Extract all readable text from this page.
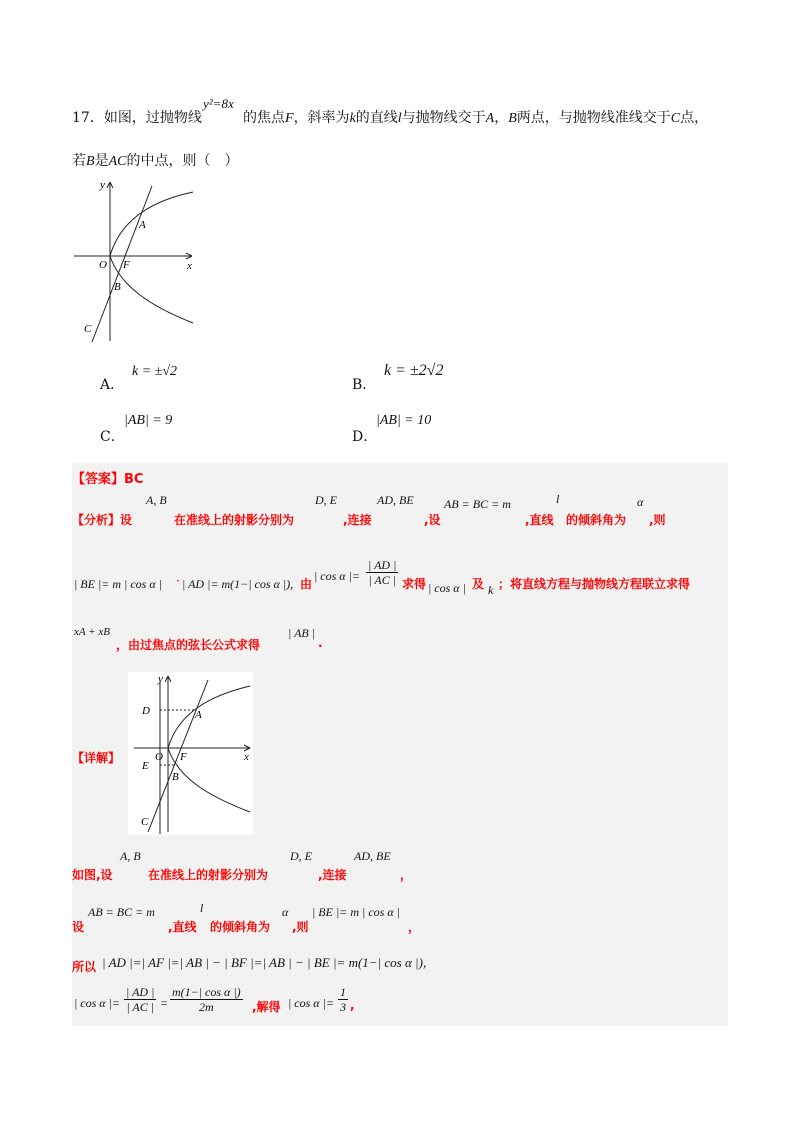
17．如图，过抛物线
y²=8x
的焦点F，斜率为k的直线l与抛物线交于A，B两点，与抛物线准线交于C点，
若B是AC的中点，则（　）
y
x
O F
A
B
C
A．
k = ±√2
B．
k = ±2√2
C．
|AB| = 9
D．
|AB| = 10
【答案】BC
【分析】设
A, B
在准线上的射影分别为
D, E
,连接
AD, BE
,设
AB = BC = m
,直线
l
的倾斜角为
α
,则
| BE |= m | cos α | · | AD |= m(1−| cos α |), 由
| cos α |= $\frac{| AD |}{| AC |}$ 求得 | cos α | 及 k ；将直线方程与抛物线方程联立求得
xA + xB
，由过焦点的弦长公式求得
| AB |
.
y
x
O F
A
B
C
D
E
【详解】
如图,设
A, B
在准线上的射影分别为
D, E
,连接
AD, BE
，
设
AB = BC = m
,直线
l
的倾斜角为
α
,则
| BE |= m | cos α |
，
所以 | AD |=| AF |=| AB | − | BF |=| AB | − | BE |= m(1−| cos α |),
| cos α |= $\frac{| AD |}{| AC |} = \frac{\text{m(1−| cos α |)}}{2m}$ ,解得 | cos α |= $\frac{1}{3}$ ,
